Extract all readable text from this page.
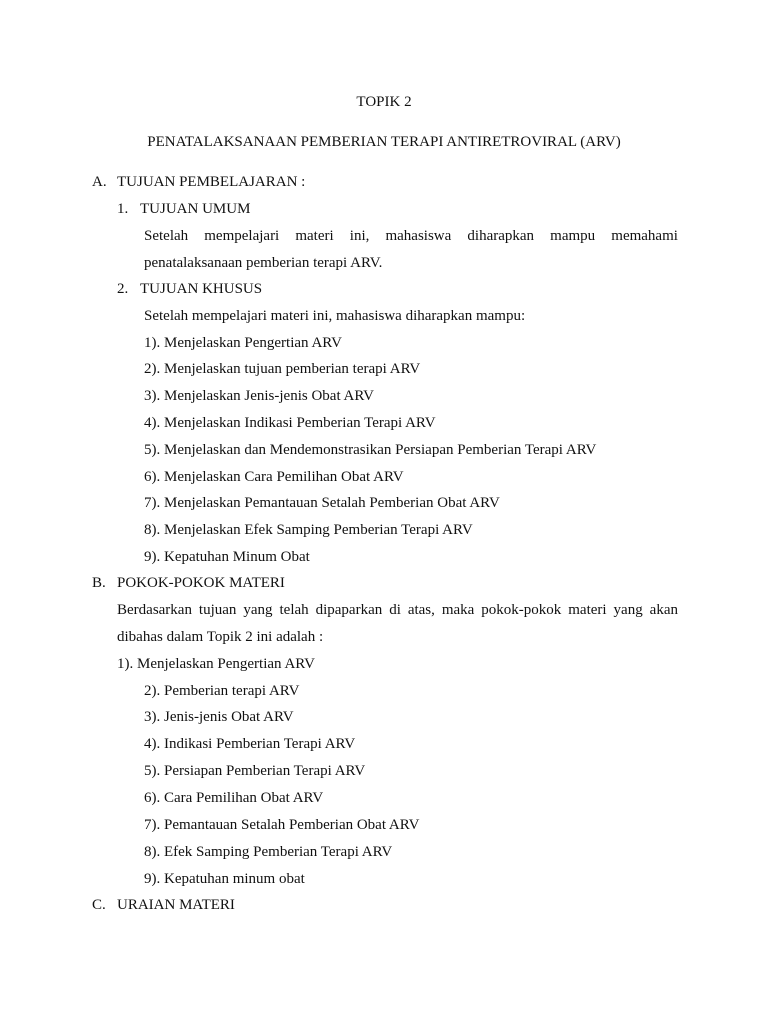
TOPIK 2
PENATALAKSANAAN PEMBERIAN TERAPI ANTIRETROVIRAL (ARV)
A. TUJUAN PEMBELAJARAN :
1. TUJUAN UMUM
Setelah mempelajari materi ini, mahasiswa diharapkan mampu memahami
penatalaksanaan pemberian terapi ARV.
2. TUJUAN KHUSUS
Setelah mempelajari materi ini, mahasiswa diharapkan mampu:
1). Menjelaskan Pengertian ARV
2). Menjelaskan tujuan pemberian terapi ARV
3). Menjelaskan Jenis-jenis Obat ARV
4). Menjelaskan Indikasi Pemberian Terapi ARV
5). Menjelaskan dan Mendemonstrasikan Persiapan Pemberian Terapi ARV
6). Menjelaskan Cara Pemilihan Obat ARV
7). Menjelaskan Pemantauan Setalah Pemberian Obat ARV
8). Menjelaskan Efek Samping Pemberian Terapi ARV
9). Kepatuhan Minum Obat
B. POKOK-POKOK MATERI
Berdasarkan tujuan yang telah dipaparkan di atas, maka pokok-pokok materi yang akan
dibahas dalam Topik 2 ini adalah :
1). Menjelaskan Pengertian ARV
2). Pemberian terapi ARV
3). Jenis-jenis Obat ARV
4). Indikasi Pemberian Terapi ARV
5). Persiapan Pemberian Terapi ARV
6). Cara Pemilihan Obat ARV
7). Pemantauan Setalah Pemberian Obat ARV
8). Efek Samping Pemberian Terapi ARV
9). Kepatuhan minum obat
C. URAIAN MATERI
